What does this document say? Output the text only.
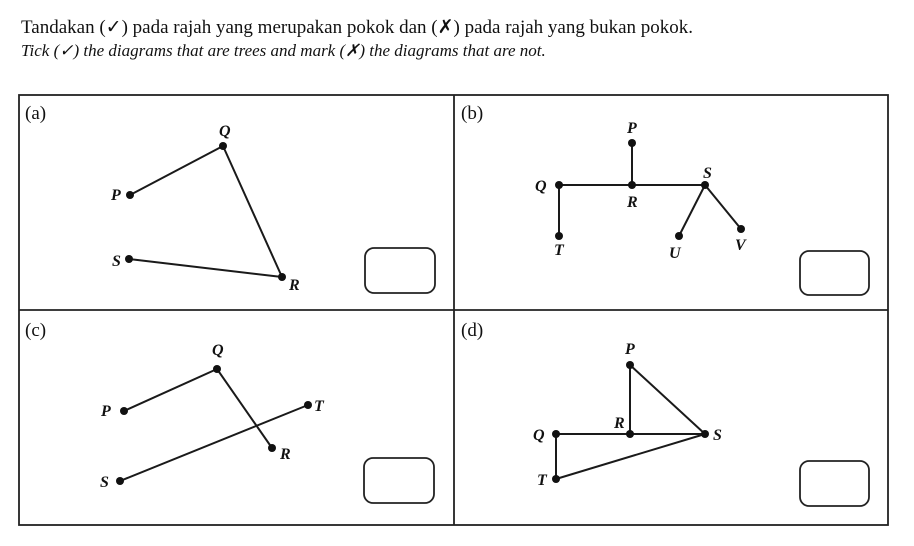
Tandakan (✓) pada rajah yang merupakan pokok dan (✗) pada rajah yang bukan pokok.
Tick (✓) the diagrams that are trees and mark (✗) the diagrams that are not.
(a)
P
Q
R
S
(b)
P
Q
R
S
T	U	V
(c)
P
Q
R
S
T
(d)
P
Q
R
S
T
